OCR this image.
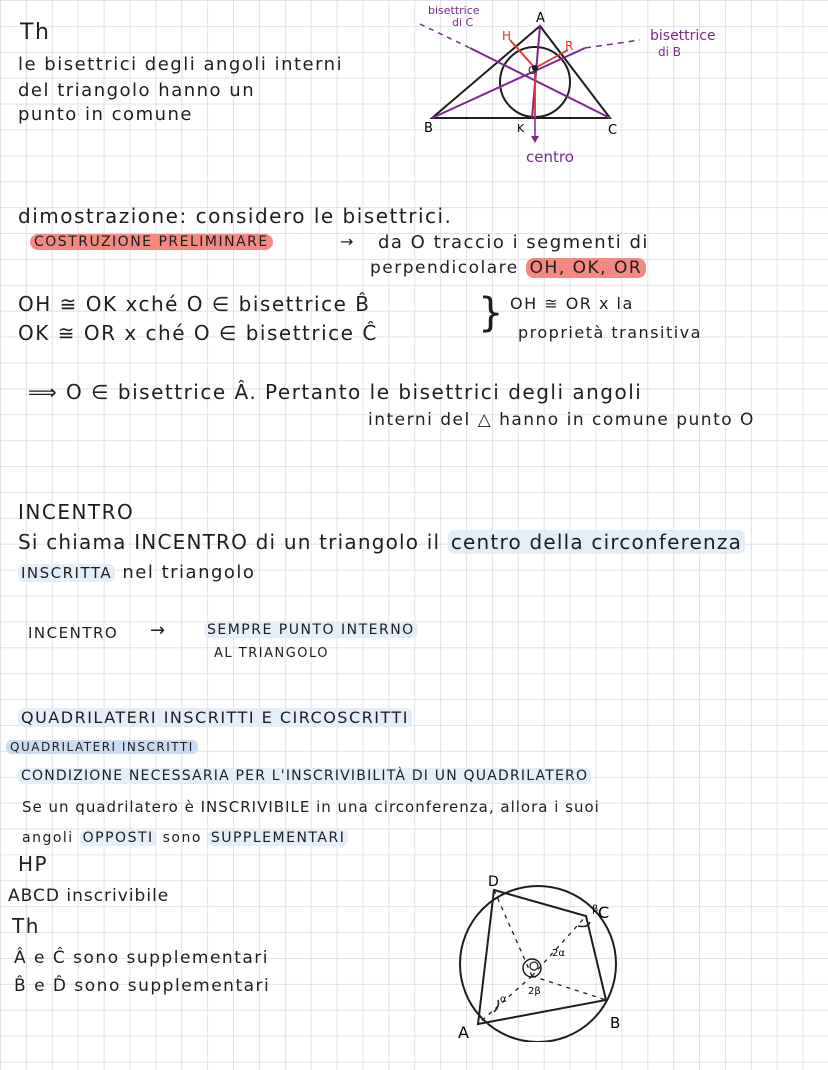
Th
le bisettrici degli angoli interni
del triangolo hanno un
punto in comune
bisettrice
di C
O
A
B	C
H
R
K
centro
bisettrice
di B
dimostrazione: considero le bisettrici.
COSTRUZIONE PRELIMINARE	→ da O traccio i segmenti di
perpendicolare OH, OK, OR
OH ≅ OK xché O ∈ bisettrice B̂
OK ≅ OR x ché O ∈ bisettrice Ĉ	} OH ≅ OR x la
proprietà transitiva
⟹ O ∈ bisettrice Â. Pertanto le bisettrici degli angoli
interni del △ hanno in comune punto O
INCENTRO
Si chiama INCENTRO di un triangolo il centro della circonferenza
INSCRITTA nel triangolo
INCENTRO →	SEMPRE PUNTO INTERNO
AL TRIANGOLO
QUADRILATERI INSCRITTI E CIRCOSCRITTI
QUADRILATERI INSCRITTI
CONDIZIONE NECESSARIA PER L'INSCRIVIBILITÀ DI UN QUADRILATERO
Se un quadrilatero è INSCRIVIBILE in una circonferenza, allora i suoi
angoli OPPOSTI sono SUPPLEMENTARI
HP
ABCD inscrivibile
Th
Â e Ĉ sono supplementari
B̂ e D̂ sono supplementari
D
C
B
A
2α
2β
α
β
